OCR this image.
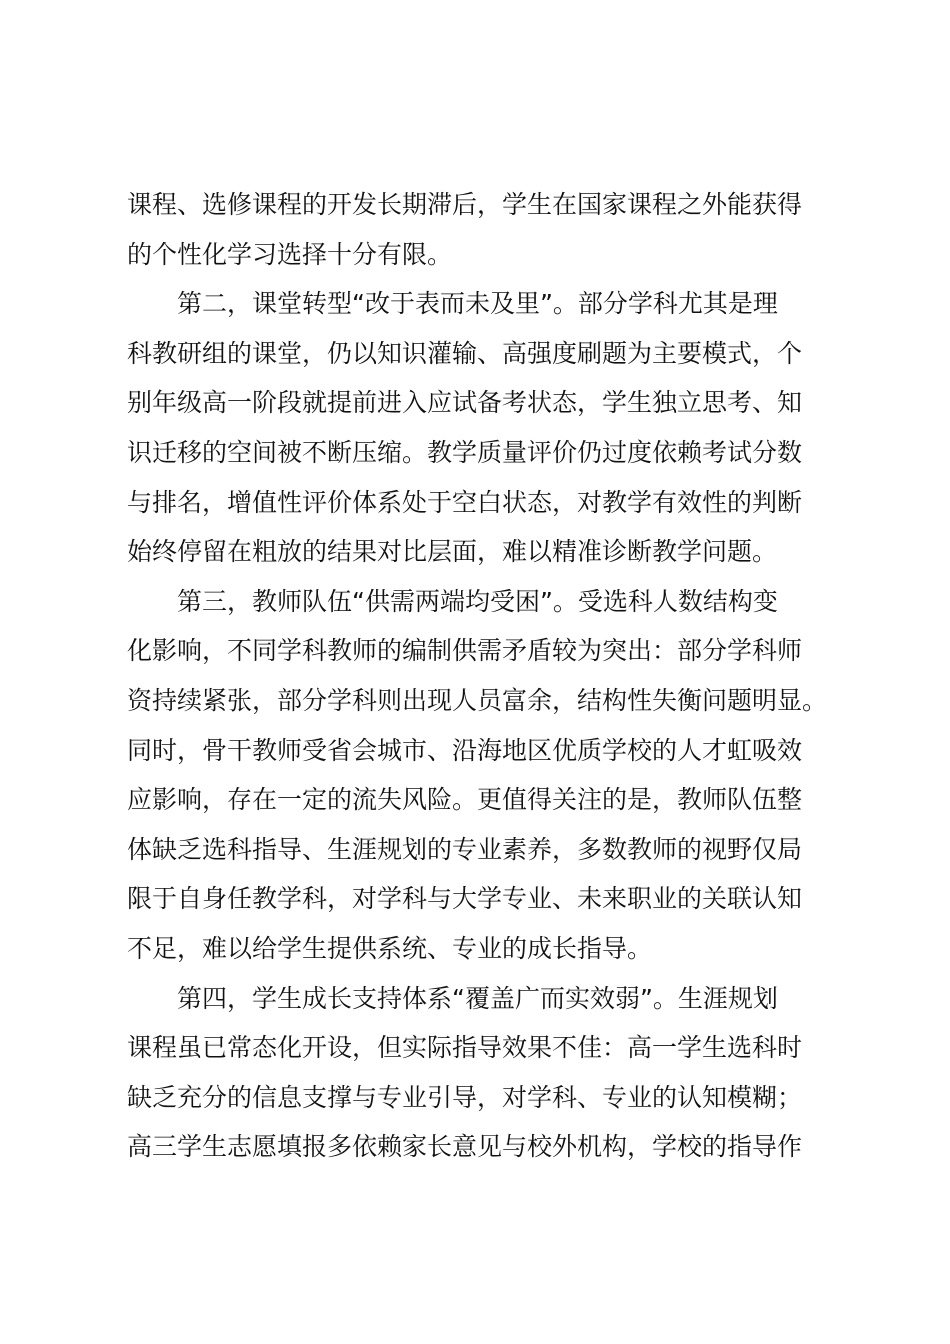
课程、选修课程的开发长期滞后，学生在国家课程之外能获得
的个性化学习选择十分有限。
第二，课堂转型“改于表而未及里”。部分学科尤其是理
科教研组的课堂，仍以知识灌输、高强度刷题为主要模式，个
别年级高一阶段就提前进入应试备考状态，学生独立思考、知
识迁移的空间被不断压缩。教学质量评价仍过度依赖考试分数
与排名，增值性评价体系处于空白状态，对教学有效性的判断
始终停留在粗放的结果对比层面，难以精准诊断教学问题。
第三，教师队伍“供需两端均受困”。受选科人数结构变
化影响，不同学科教师的编制供需矛盾较为突出：部分学科师
资持续紧张，部分学科则出现人员富余，结构性失衡问题明显。
同时，骨干教师受省会城市、沿海地区优质学校的人才虹吸效
应影响，存在一定的流失风险。更值得关注的是，教师队伍整
体缺乏选科指导、生涯规划的专业素养，多数教师的视野仅局
限于自身任教学科，对学科与大学专业、未来职业的关联认知
不足，难以给学生提供系统、专业的成长指导。
第四，学生成长支持体系“覆盖广而实效弱”。生涯规划
课程虽已常态化开设，但实际指导效果不佳：高一学生选科时
缺乏充分的信息支撑与专业引导，对学科、专业的认知模糊；
高三学生志愿填报多依赖家长意见与校外机构，学校的指导作
